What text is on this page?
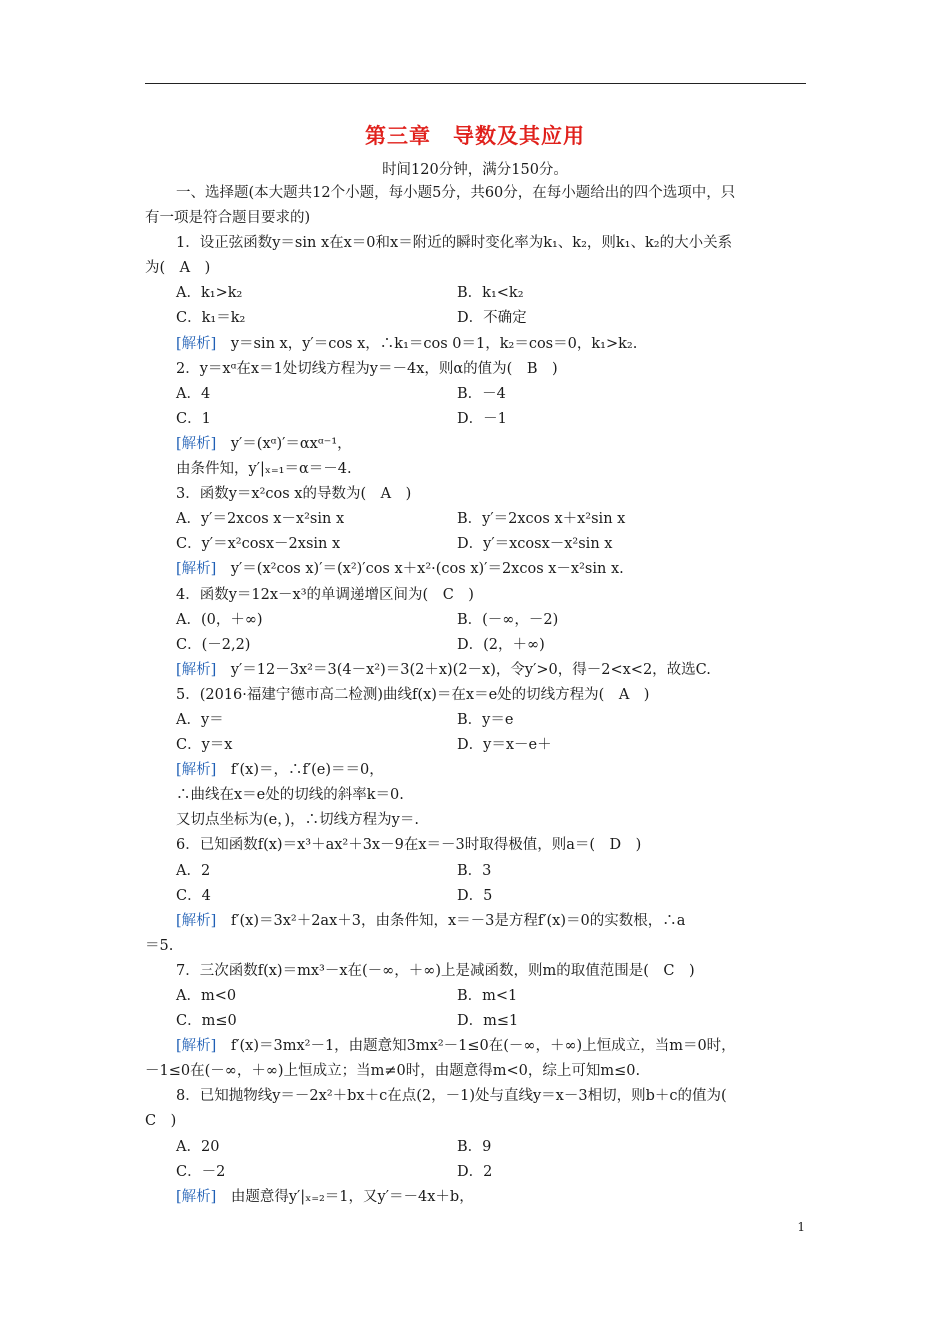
第三章　导数及其应用
时间120分钟，满分150分。
一、选择题(本大题共12个小题，每小题5分，共60分，在每小题给出的四个选项中，只
有一项是符合题目要求的)
1．设正弦函数y＝sin x在x＝0和x＝附近的瞬时变化率为k₁、k₂，则k₁、k₂的大小关系
为(　A　)
A．k₁>k₂	B．k₁<k₂
C．k₁＝k₂	D．不确定
[解析]　y＝sin x，y′＝cos x，∴k₁＝cos 0＝1，k₂＝cos＝0，k₁>k₂.
2．y＝xᵅ在x＝1处切线方程为y＝－4x，则α的值为(　B　)
A．4	B．－4
C．1	D．－1
[解析]　y′＝(xᵅ)′＝αxᵅ⁻¹，
由条件知，y′|ₓ₌₁＝α＝－4.
3．函数y＝x²cos x的导数为(　A　)
A．y′＝2xcos x－x²sin x	B．y′＝2xcos x＋x²sin x
C．y′＝x²cosx－2xsin x	D．y′＝xcosx－x²sin x
[解析]　y′＝(x²cos x)′＝(x²)′cos x＋x²·(cos x)′＝2xcos x－x²sin x.
4．函数y＝12x－x³的单调递增区间为(　C　)
A．(0，＋∞)	B．(－∞，－2)
C．(－2,2)	D．(2，＋∞)
[解析]　y′＝12－3x²＝3(4－x²)＝3(2＋x)(2－x)，令y′>0，得－2<x<2，故选C.
5．(2016·福建宁德市高二检测)曲线f(x)＝在x＝e处的切线方程为(　A　)
A．y＝	B．y＝e
C．y＝x	D．y＝x－e＋
[解析]　f′(x)＝，∴f′(e)＝＝0，
∴曲线在x＝e处的切线的斜率k＝0.
又切点坐标为(e，)，∴切线方程为y＝.
6．已知函数f(x)＝x³＋ax²＋3x－9在x＝－3时取得极值，则a＝(　D　)
A．2	B．3
C．4	D．5
[解析]　f′(x)＝3x²＋2ax＋3，由条件知，x＝－3是方程f′(x)＝0的实数根，∴a
＝5.
7．三次函数f(x)＝mx³－x在(－∞，＋∞)上是减函数，则m的取值范围是(　C　)
A．m<0	B．m<1
C．m≤0	D．m≤1
[解析]　f′(x)＝3mx²－1，由题意知3mx²－1≤0在(－∞，＋∞)上恒成立，当m＝0时，
－1≤0在(－∞，＋∞)上恒成立；当m≠0时，由题意得m<0，综上可知m≤0.
8．已知抛物线y＝－2x²＋bx＋c在点(2，－1)处与直线y＝x－3相切，则b＋c的值为(
C　)
A．20	B．9
C．－2	D．2
[解析]　由题意得y′|ₓ₌₂＝1，又y′＝－4x＋b，
1
